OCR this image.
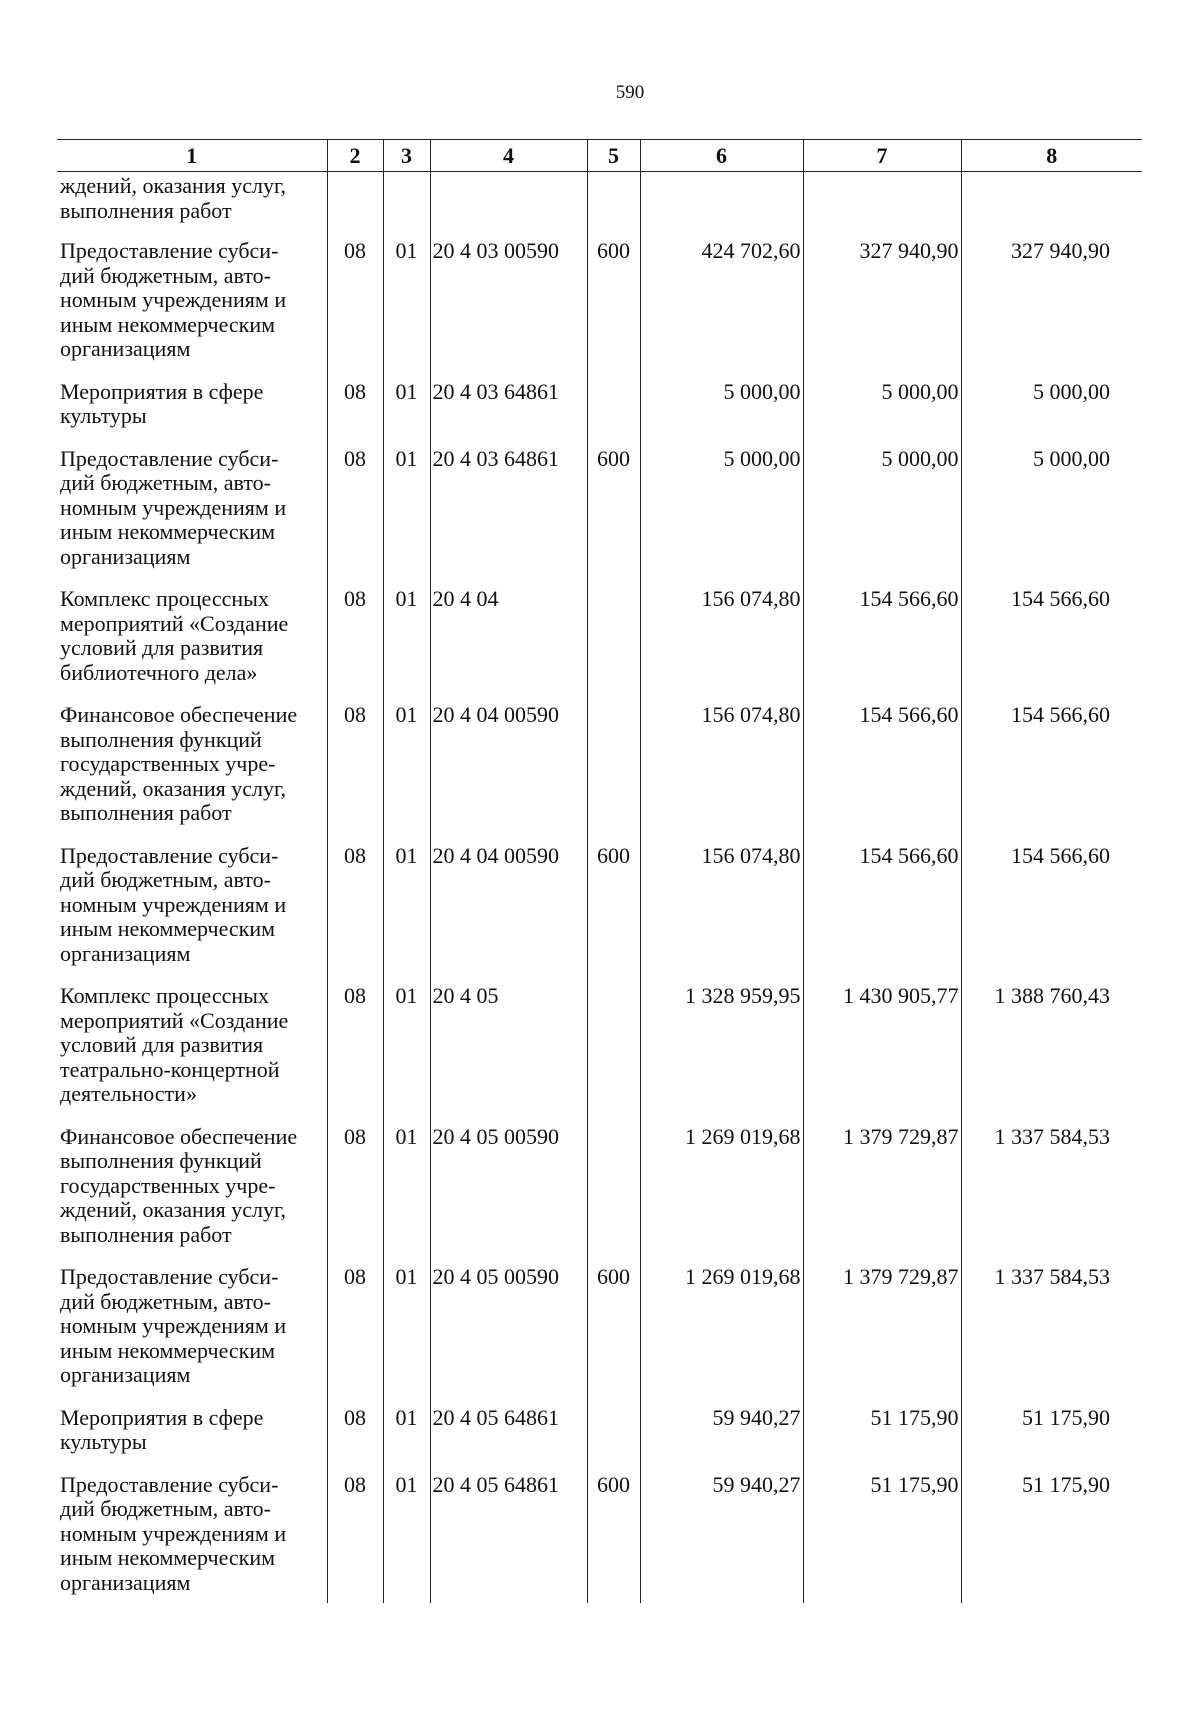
590
1	2	3	4	5	6	7	8
ждений, оказания услуг,
выполнения работ							
Предоставление субси-
дий бюджетным, авто-
номным учреждениям и
иным некоммерческим
организациям	08	01	20 4 03 00590	600	424 702,60	327 940,90	327 940,90
Мероприятия в сфере
культуры	08	01	20 4 03 64861		5 000,00	5 000,00	5 000,00
Предоставление субси-
дий бюджетным, авто-
номным учреждениям и
иным некоммерческим
организациям	08	01	20 4 03 64861	600	5 000,00	5 000,00	5 000,00
Комплекс процессных
мероприятий «Создание
условий для развития
библиотечного дела»	08	01	20 4 04		156 074,80	154 566,60	154 566,60
Финансовое обеспечение
выполнения функций
государственных учре-
ждений, оказания услуг,
выполнения работ	08	01	20 4 04 00590		156 074,80	154 566,60	154 566,60
Предоставление субси-
дий бюджетным, авто-
номным учреждениям и
иным некоммерческим
организациям	08	01	20 4 04 00590	600	156 074,80	154 566,60	154 566,60
Комплекс процессных
мероприятий «Создание
условий для развития
театрально-концертной
деятельности»	08	01	20 4 05		1 328 959,95	1 430 905,77	1 388 760,43
Финансовое обеспечение
выполнения функций
государственных учре-
ждений, оказания услуг,
выполнения работ	08	01	20 4 05 00590		1 269 019,68	1 379 729,87	1 337 584,53
Предоставление субси-
дий бюджетным, авто-
номным учреждениям и
иным некоммерческим
организациям	08	01	20 4 05 00590	600	1 269 019,68	1 379 729,87	1 337 584,53
Мероприятия в сфере
культуры	08	01	20 4 05 64861		59 940,27	51 175,90	51 175,90
Предоставление субси-
дий бюджетным, авто-
номным учреждениям и
иным некоммерческим
организациям	08	01	20 4 05 64861	600	59 940,27	51 175,90	51 175,90
